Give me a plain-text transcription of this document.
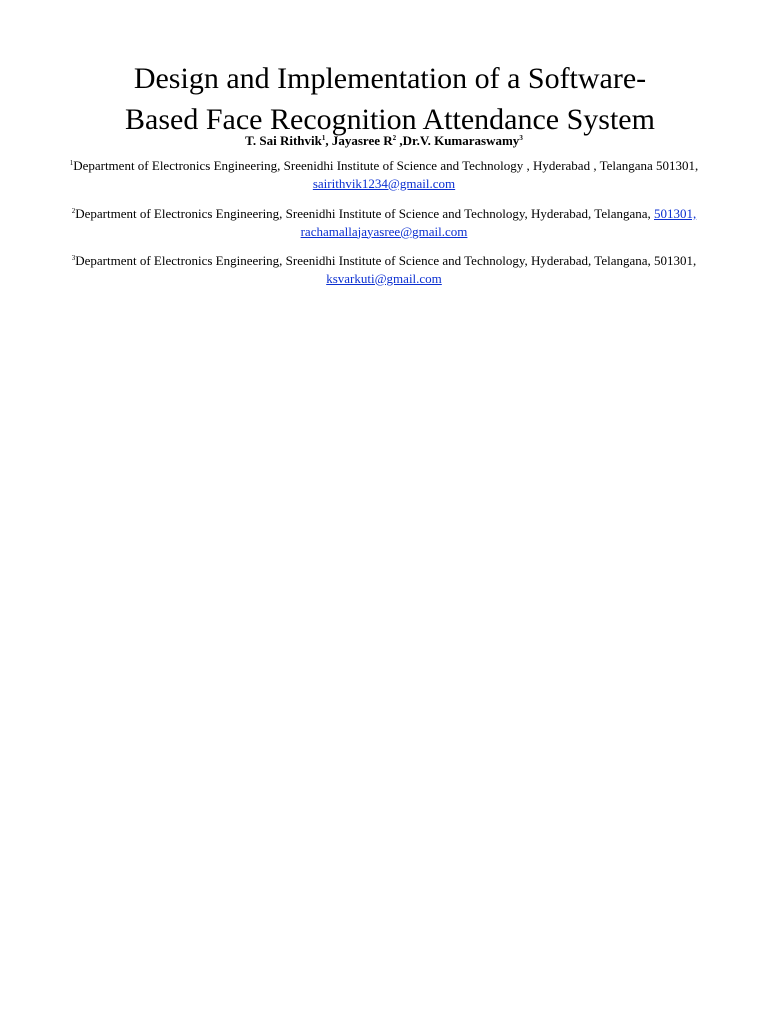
Design and Implementation of a Software-
Based Face Recognition Attendance System
T. Sai Rithvik$^1$, Jayasree $R^2$ ,Dr.V. Kumaraswamy$^3$
$^1$Department of Electronics Engineering, Sreenidhi Institute of Science and Technology , Hyderabad , Telangana 501301,
sairithvik1234@gmail.com
$^2$Department of Electronics Engineering, Sreenidhi Institute of Science and Technology, Hyderabad, Telangana, 501301,
rachamallajayasree@gmail.com
$^3$Department of Electronics Engineering, Sreenidhi Institute of Science and Technology, Hyderabad, Telangana, 501301,
ksvarkuti@gmail.com
